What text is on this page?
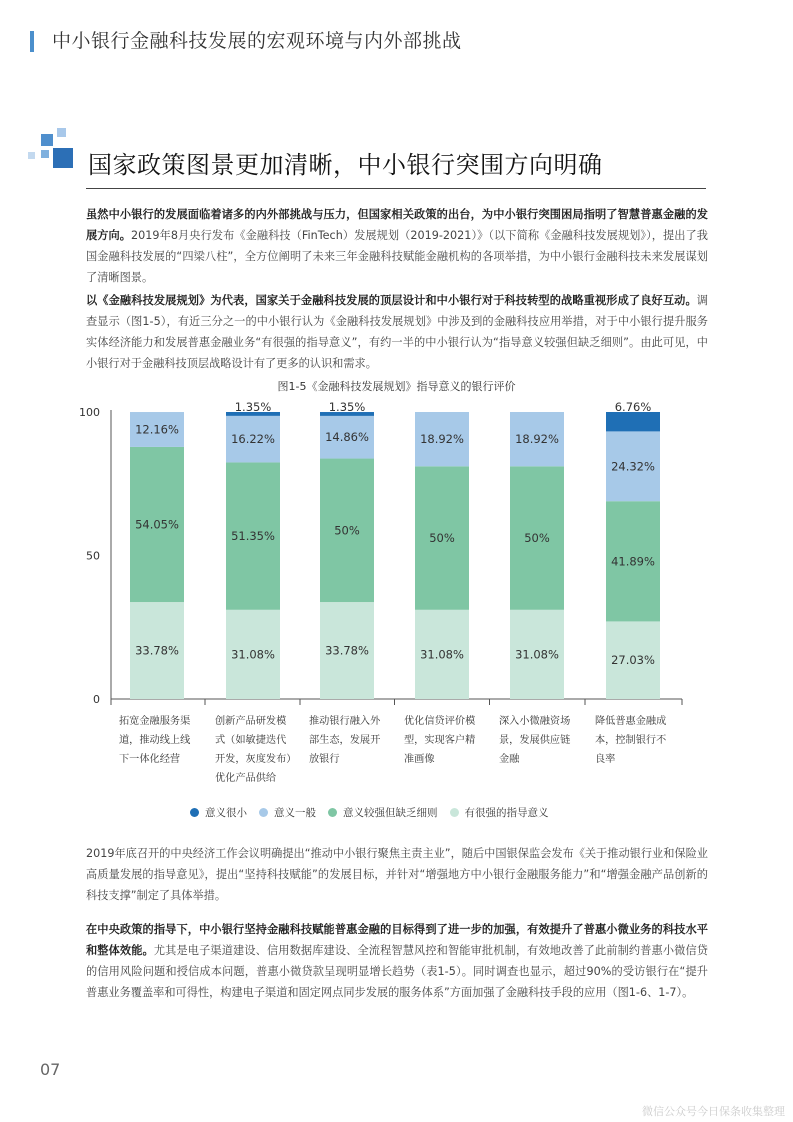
中小银行金融科技发展的宏观环境与内外部挑战
国家政策图景更加清晰，中小银行突围方向明确
虽然中小银行的发展面临着诸多的内外部挑战与压力，但国家相关政策的出台，为中小银行突围困局指明了智慧普惠金融的发展方向。2019年8月央行发布《金融科技（FinTech）发展规划（2019-2021）》（以下简称《金融科技发展规划》），提出了我国金融科技发展的“四梁八柱”，全方位阐明了未来三年金融科技赋能金融机构的各项举措，为中小银行金融科技未来发展谋划了清晰图景。
以《金融科技发展规划》为代表，国家关于金融科技发展的顶层设计和中小银行对于科技转型的战略重视形成了良好互动。调查显示（图1-5），有近三分之一的中小银行认为《金融科技发展规划》中涉及到的金融科技应用举措，对于中小银行提升服务实体经济能力和发展普惠金融业务“有很强的指导意义”，有约一半的中小银行认为“指导意义较强但缺乏细则”。由此可见，中小银行对于金融科技顶层战略设计有了更多的认识和需求。
图1-5《金融科技发展规划》指导意义的银行评价
0
50
100
33.78%	31.08%	33.78%	31.08%	31.08%	27.03%
54.05%
51.35%	50%
50%	50%
41.89%
12.16%
16.22%	14.86%	18.92%	18.92%
24.32%
1.35%	1.35%	6.76%
拓宽金融服务渠
道，推动线上线
下一体化经营
创新产品研发模
式（如敏捷迭代
开发，灰度发布）
优化产品供给
推动银行融入外
部生态，发展开
放银行
优化信贷评价模
型，实现客户精
准画像
深入小微融资场
景，发展供应链
金融
降低普惠金融成
本，控制银行不
良率
意义很小	意义一般	意义较强但缺乏细则	有很强的指导意义
2019年底召开的中央经济工作会议明确提出“推动中小银行聚焦主责主业”，随后中国银保监会发布《关于推动银行业和保险业高质量发展的指导意见》，提出“坚持科技赋能”的发展目标，并针对“增强地方中小银行金融服务能力”和“增强金融产品创新的科技支撑”制定了具体举措。
在中央政策的指导下，中小银行坚持金融科技赋能普惠金融的目标得到了进一步的加强，有效提升了普惠小微业务的科技水平和整体效能。尤其是电子渠道建设、信用数据库建设、全流程智慧风控和智能审批机制，有效地改善了此前制约普惠小微信贷的信用风险问题和授信成本问题，普惠小微贷款呈现明显增长趋势（表1-5）。同时调查也显示，超过90%的受访银行在“提升普惠业务覆盖率和可得性，构建电子渠道和固定网点同步发展的服务体系”方面加强了金融科技手段的应用（图1-6、1-7）。
07
微信公众号今日保条收集整理
